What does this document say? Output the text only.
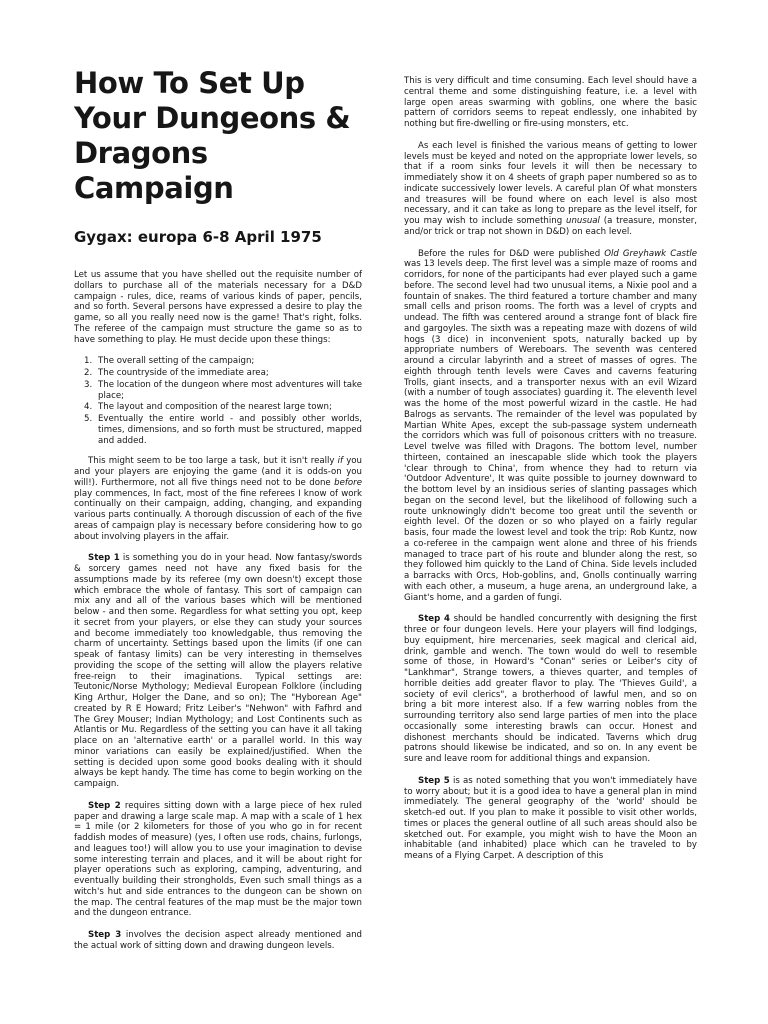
How To Set Up Your Dungeons & Dragons Campaign
Gygax: europa 6-8 April 1975

Let us assume that you have shelled out the requisite number of dollars to purchase all of the materials necessary for a D&D campaign - rules, dice, reams of various kinds of paper, pencils, and so forth. Several persons have expressed a desire to play the game, so all you really need now is the game! That's right, folks. The referee of the campaign must structure the game so as to have something to play. He must decide upon these things:

1. The overall setting of the campaign;
2. The countryside of the immediate area;
3. The location of the dungeon where most adventures will take place;
4. The layout and composition of the nearest large town;
5. Eventually the entire world - and possibly other worlds, times, dimensions, and so forth must be structured, mapped and added.

This might seem to be too large a task, but it isn't really if you and your players are enjoying the game (and it is odds-on you will!). Furthermore, not all five things need not to be done before play commences, In fact, most of the fine referees I know of work continually on their campaign, adding, changing, and expanding various parts continually. A thorough discussion of each of the five areas of campaign play is necessary before considering how to go about involving players in the affair.

Step 1 is something you do in your head. Now fantasy/swords & sorcery games need not have any fixed basis for the assumptions made by its referee (my own doesn't) except those which embrace the whole of fantasy. This sort of campaign can mix any and all of the various bases which will be mentioned below - and then some. Regardless for what setting you opt, keep it secret from your players, or else they can study your sources and become immediately too knowledgable, thus removing the charm of uncertainty. Settings based upon the limits (if one can speak of fantasy limits) can be very interesting in themselves providing the scope of the setting will allow the players relative free-reign to their imaginations. Typical settings are: Teutonic/Norse Mythology; Medieval European Folklore (including King Arthur, Holger the Dane, and so on); The "Hyborean Age" created by R E Howard; Fritz Leiber's "Nehwon" with Fafhrd and The Grey Mouser; Indian Mythology; and Lost Continents such as Atlantis or Mu. Regardless of the setting you can have it all taking place on an 'alternative earth' or a parallel world. In this way minor variations can easily be explained/justified. When the setting is decided upon some good books dealing with it should always be kept handy. The time has come to begin working on the campaign.

Step 2 requires sitting down with a large piece of hex ruled paper and drawing a large scale map. A map with a scale of 1 hex = 1 mile (or 2 kilometers for those of you who go in for recent faddish modes of measure) (yes, I often use rods, chains, furlongs, and leagues too!) will allow you to use your imagination to devise some interesting terrain and places, and it will be about right for player operations such as exploring, camping, adventuring, and eventually building their strongholds, Even such small things as a witch's hut and side entrances to the dungeon can be shown on the map. The central features of the map must be the major town and the dungeon entrance.

Step 3 involves the decision aspect already mentioned and the actual work of sitting down and drawing dungeon levels.

This is very difficult and time consuming. Each level should have a central theme and some distinguishing feature, i.e. a level with large open areas swarming with goblins, one where the basic pattern of corridors seems to repeat endlessly, one inhabited by nothing but fire-dwelling or fire-using monsters, etc.

As each level is finished the various means of getting to lower levels must be keyed and noted on the appropriate lower levels, so that if a room sinks four levels it will then be necessary to immediately show it on 4 sheets of graph paper numbered so as to indicate successively lower levels. A careful plan Of what monsters and treasures will be found where on each level is also most necessary, and it can take as long to prepare as the level itself, for you may wish to include something unusual (a treasure, monster, and/or trick or trap not shown in D&D) on each level.

Before the rules for D&D were published Old Greyhawk Castle was 13 levels deep. The first level was a simple maze of rooms and corridors, for none of the participants had ever played such a game before. The second level had two unusual items, a Nixie pool and a fountain of snakes. The third featured a torture chamber and many small cells and prison rooms. The forth was a level of crypts and undead. The fifth was centered around a strange font of black fire and gargoyles. The sixth was a repeating maze with dozens of wild hogs (3 dice) in inconvenient spots, naturally backed up by appropriate numbers of Wereboars. The seventh was centered around a circular labyrinth and a street of masses of ogres. The eighth through tenth levels were Caves and caverns featuring Trolls, giant insects, and a transporter nexus with an evil Wizard (with a number of tough associates) guarding it. The eleventh level was the home of the most powerful wizard in the castle. He had Balrogs as servants. The remainder of the level was populated by Martian White Apes, except the sub-passage system underneath the corridors which was full of poisonous critters with no treasure. Level twelve was filled with Dragons. The bottom level, number thirteen, contained an inescapable slide which took the players 'clear through to China', from whence they had to return via 'Outdoor Adventure', It was quite possible to journey downward to the bottom level by an insidious series of slanting passages which began on the second level, but the likelihood of following such a route unknowingly didn't become too great until the seventh or eighth level. Of the dozen or so who played on a fairly regular basis, four made the lowest level and took the trip: Rob Kuntz, now a co-referee in the campaign went alone and three of his friends managed to trace part of his route and blunder along the rest, so they followed him quickly to the Land of China. Side levels included a barracks with Orcs, Hob-goblins, and, Gnolls continually warring with each other, a museum, a huge arena, an underground lake, a Giant's home, and a garden of fungi.

Step 4 should be handled concurrently with designing the first three or four dungeon levels. Here your players will find lodgings, buy equipment, hire mercenaries, seek magical and clerical aid, drink, gamble and wench. The town would do well to resemble some of those, in Howard's "Conan" series or Leiber's city of "Lankhmar", Strange towers, a thieves quarter, and temples of horrible deities add greater flavor to play. The 'Thieves Guild', a society of evil clerics", a brotherhood of lawful men, and so on bring a bit more interest also. If a few warring nobles from the surrounding territory also send large parties of men into the place occasionally some interesting brawls can occur. Honest and dishonest merchants should be indicated. Taverns which drug patrons should likewise be indicated, and so on. In any event be sure and leave room for additional things and expansion.

Step 5 is as noted something that you won't immediately have to worry about; but it is a good idea to have a general plan in mind immediately. The general geography of the 'world' should be sketch-ed out. If you plan to make it possible to visit other worlds, times or places the general outline of all such areas should also be sketched out. For example, you might wish to have the Moon an inhabitable (and inhabited) place which can he traveled to by means of a Flying Carpet. A description of this
